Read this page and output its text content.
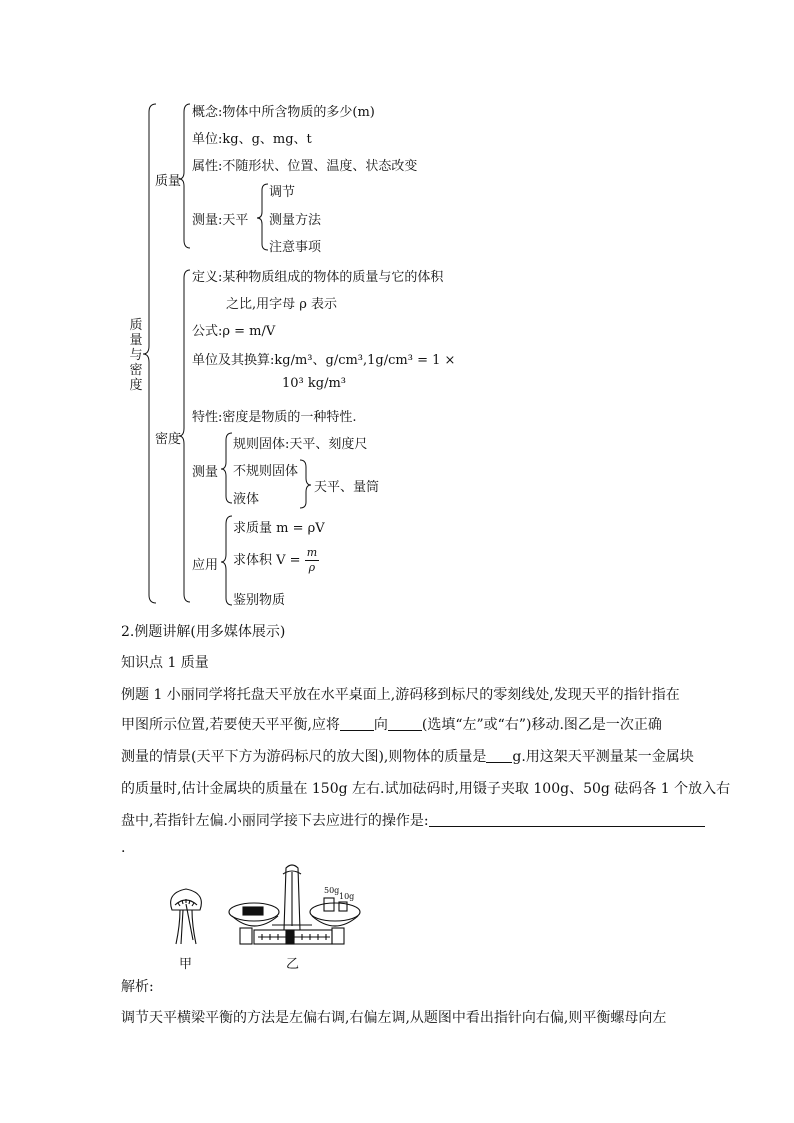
质
量
与
密
度
质量
概念:物体中所含物质的多少(m)
单位:kg、g、mg、t
属性:不随形状、位置、温度、状态改变
测量:天平
调节
测量方法
注意事项
密度
定义:某种物质组成的物体的质量与它的体积
之比,用字母 ρ 表示
公式:ρ = m/V
单位及其换算:kg/m³、g/cm³,1g/cm³ = 1 ×
10³ kg/m³
特性:密度是物质的一种特性.
测量
规则固体:天平、刻度尺
不规则固体
液体
天平、量筒
应用
求质量 m = ρV
求体积 $V = \frac{m}{\rho}$
鉴别物质
2.例题讲解(用多媒体展示)
知识点 1 质量
例题 1 小丽同学将托盘天平放在水平桌面上,游码移到标尺的零刻线处,发现天平的指针指在
甲图所示位置,若要使天平平衡,应将 向 (选填“左”或“右”)移动.图乙是一次正确
测量的情景(天平下方为游码标尺的放大图),则物体的质量是 g.用这架天平测量某一金属块
的质量时,估计金属块的质量在 150g 左右.试加砝码时,用镊子夹取 100g、50g 砝码各 1 个放入右
盘中,若指针左偏.小丽同学接下去应进行的操作是:
.
50g
10g
甲	乙
解析:
调节天平横梁平衡的方法是左偏右调,右偏左调,从题图中看出指针向右偏,则平衡螺母向左
